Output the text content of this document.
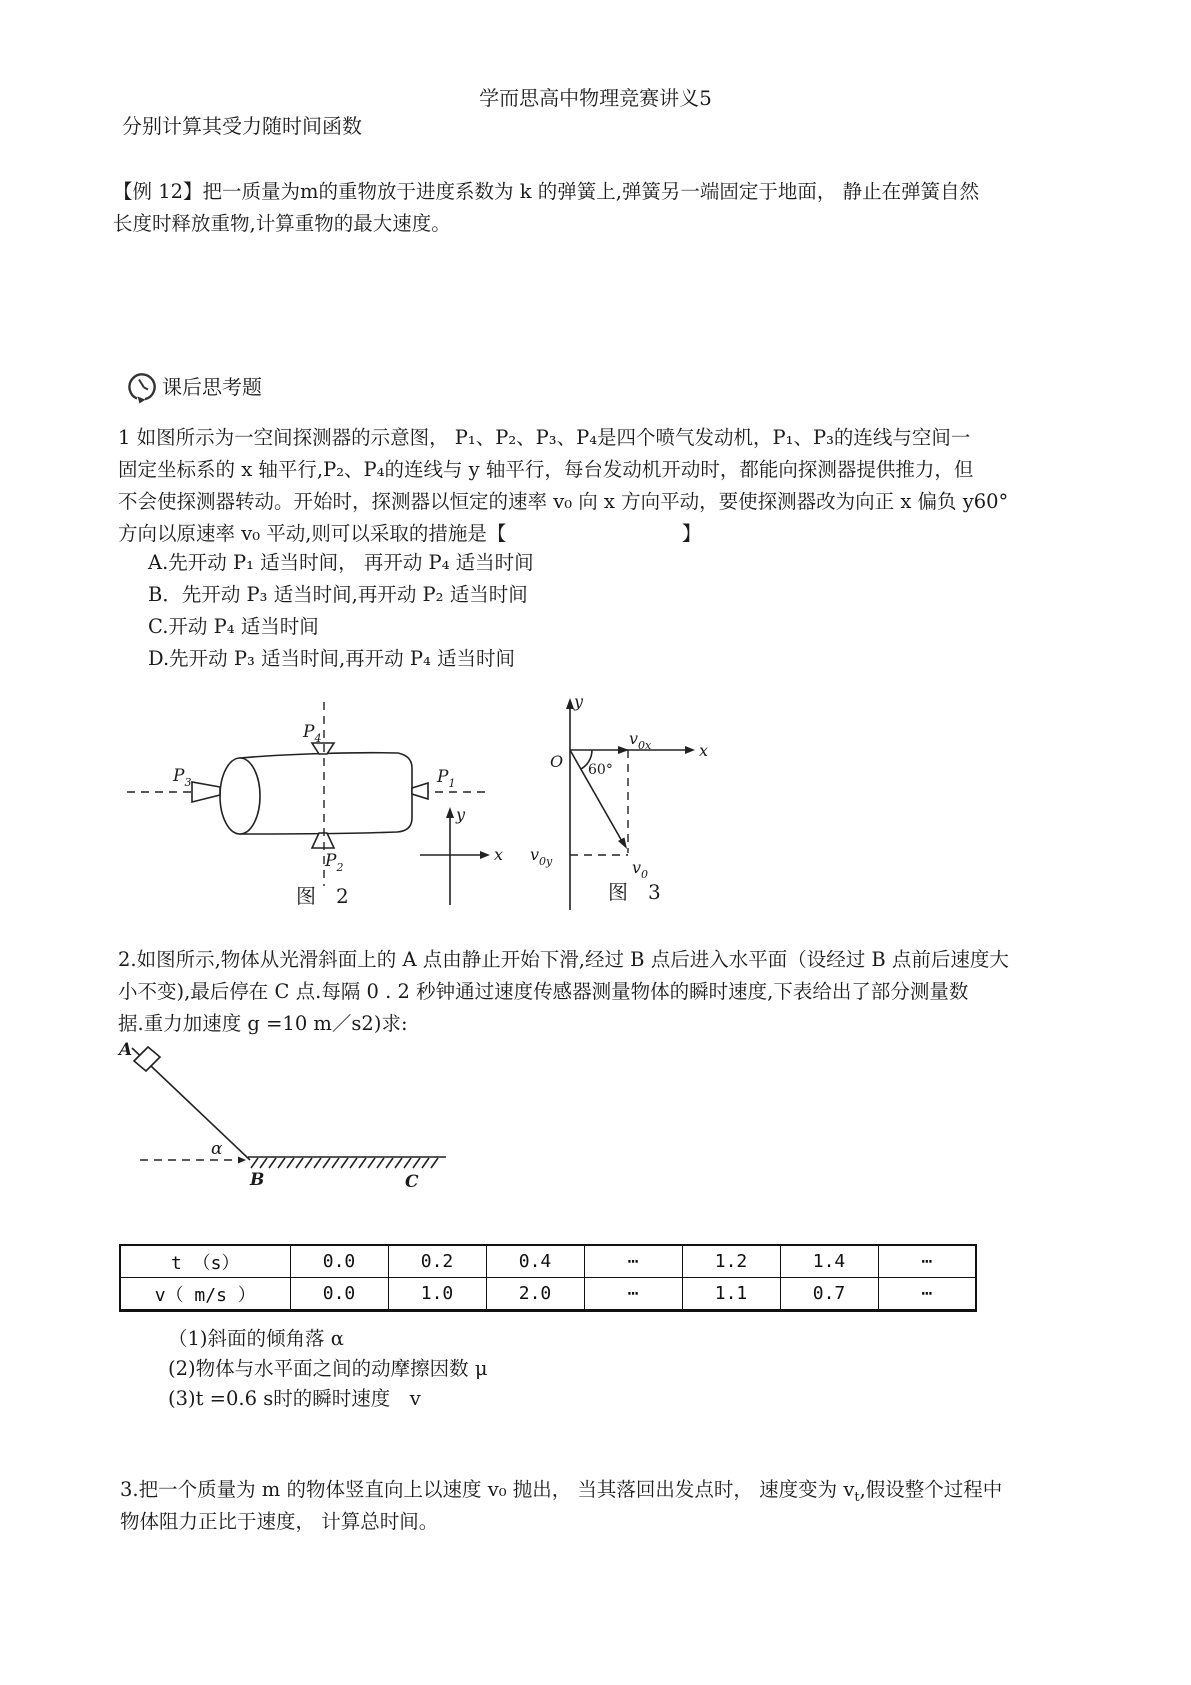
学而思高中物理竞赛讲义5
分别计算其受力随时间函数
【例 12】把一质量为m的重物放于进度系数为 k 的弹簧上,弹簧另一端固定于地面， 静止在弹簧自然
长度时释放重物,计算重物的最大速度。
课后思考题
1 如图所示为一空间探测器的示意图， P₁、P₂、P₃、P₄是四个喷气发动机，P₁、P₃的连线与空间一
固定坐标系的 x 轴平行,P₂、P₄的连线与 y 轴平行，每台发动机开动时，都能向探测器提供推力，但
不会使探测器转动。开始时，探测器以恒定的速率 v₀ 向 x 方向平动，要使探测器改为向正 x 偏负 y60°
方向以原速率 v₀ 平动,则可以采取的措施是【　　　　　　　　　】
A.先开动 P₁ 适当时间， 再开动 P₄ 适当时间
B．先开动 P₃ 适当时间,再开动 P₂ 适当时间
C.开动 P₄ 适当时间
D.先开动 P₃ 适当时间,再开动 P₄ 适当时间
y
x
$P_4$
$P_3$	$P_1$
$P_2$
图　2
y
x
O 60°
$v_{0x}$
$v_{0y}$	$v_0$
图　3
2.如图所示,物体从光滑斜面上的 A 点由静止开始下滑,经过 B 点后进入水平面（设经过 B 点前后速度大
小不变),最后停在 C 点.每隔 0 . 2 秒钟通过速度传感器测量物体的瞬时速度,下表给出了部分测量数
据.重力加速度 g =10 m／s2)求:
A
α
B	C
t （s）	0.0	0.2	0.4	⋯	1.2	1.4	⋯
v（ m/s ）	0.0	1.0	2.0	⋯	1.1	0.7	⋯
（1)斜面的倾角落 α
(2)物体与水平面之间的动摩擦因数 μ
(3)t =0.6 s时的瞬时速度　v
3.把一个质量为 m 的物体竖直向上以速度 v₀ 抛出， 当其落回出发点时， 速度变为 $v_t$,假设整个过程中
物体阻力正比于速度， 计算总时间。
